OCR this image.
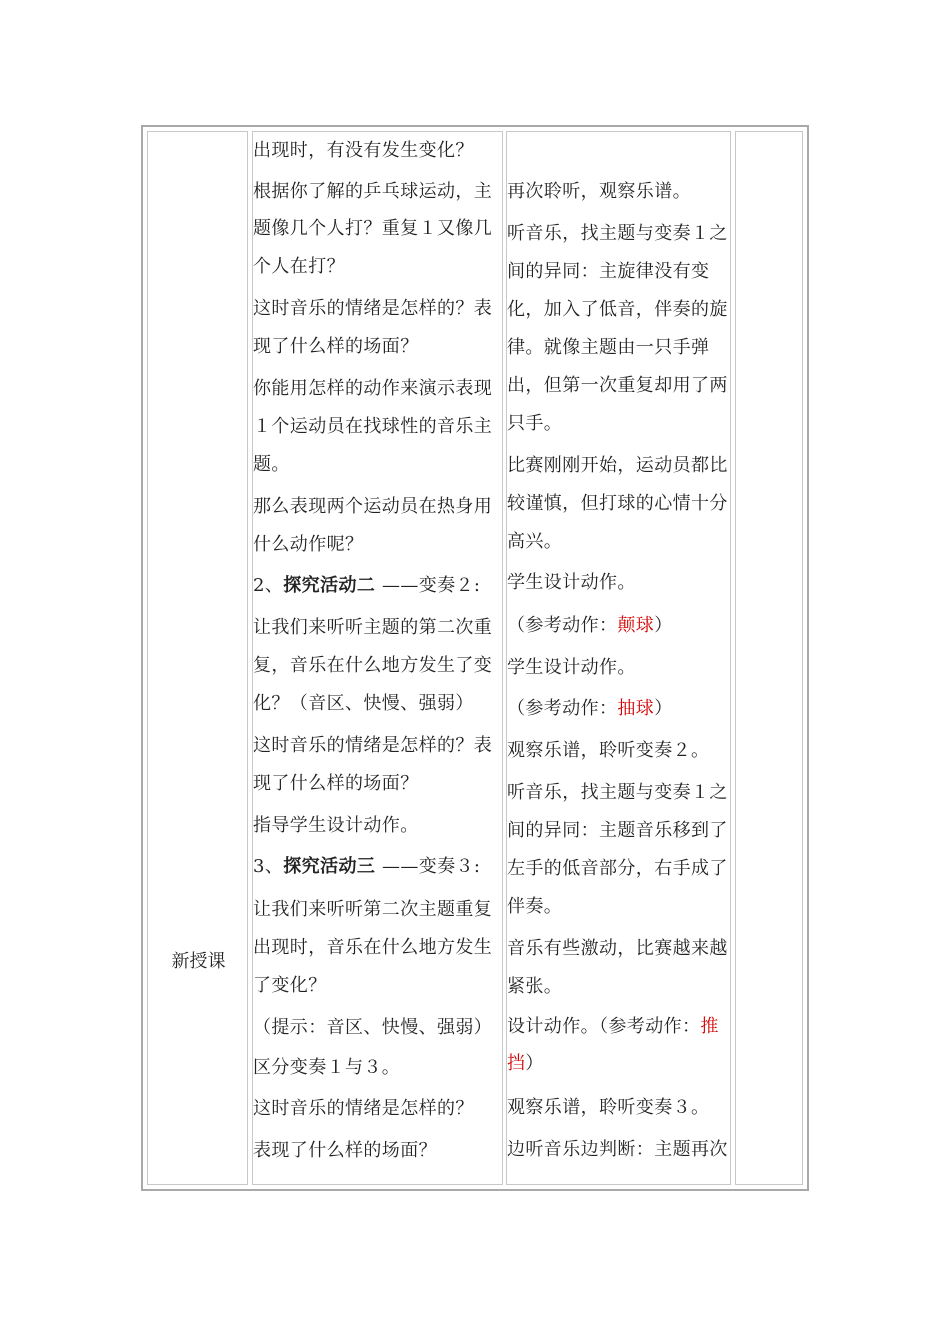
新授课
出现时，有没有发生变化？
根据你了解的乒乓球运动，主
题像几个人打？重复１又像几
个人在打？
这时音乐的情绪是怎样的？表
现了什么样的场面？
你能用怎样的动作来演示表现
１个运动员在找球性的音乐主
题。
那么表现两个运动员在热身用
什么动作呢？
2、探究活动二 ——变奏２:
让我们来听听主题的第二次重
复，音乐在什么地方发生了变
化？（音区、快慢、强弱）
这时音乐的情绪是怎样的？表
现了什么样的场面？
指导学生设计动作。
3、探究活动三 ——变奏３:
让我们来听听第二次主题重复
出现时，音乐在什么地方发生
了变化？
（提示：音区、快慢、强弱）
区分变奏１与３。
这时音乐的情绪是怎样的？
表现了什么样的场面？
再次聆听，观察乐谱。
听音乐，找主题与变奏１之
间的异同：主旋律没有变
化，加入了低音，伴奏的旋
律。就像主题由一只手弹
出，但第一次重复却用了两
只手。
比赛刚刚开始，运动员都比
较谨慎，但打球的心情十分
高兴。
学生设计动作。
（参考动作：颠球）
学生设计动作。
（参考动作：抽球）
观察乐谱，聆听变奏２。
听音乐，找主题与变奏１之
间的异同：主题音乐移到了
左手的低音部分，右手成了
伴奏。
音乐有些激动，比赛越来越
紧张。
设计动作。（参考动作：推
挡）
观察乐谱，聆听变奏３。
边听音乐边判断：主题再次
